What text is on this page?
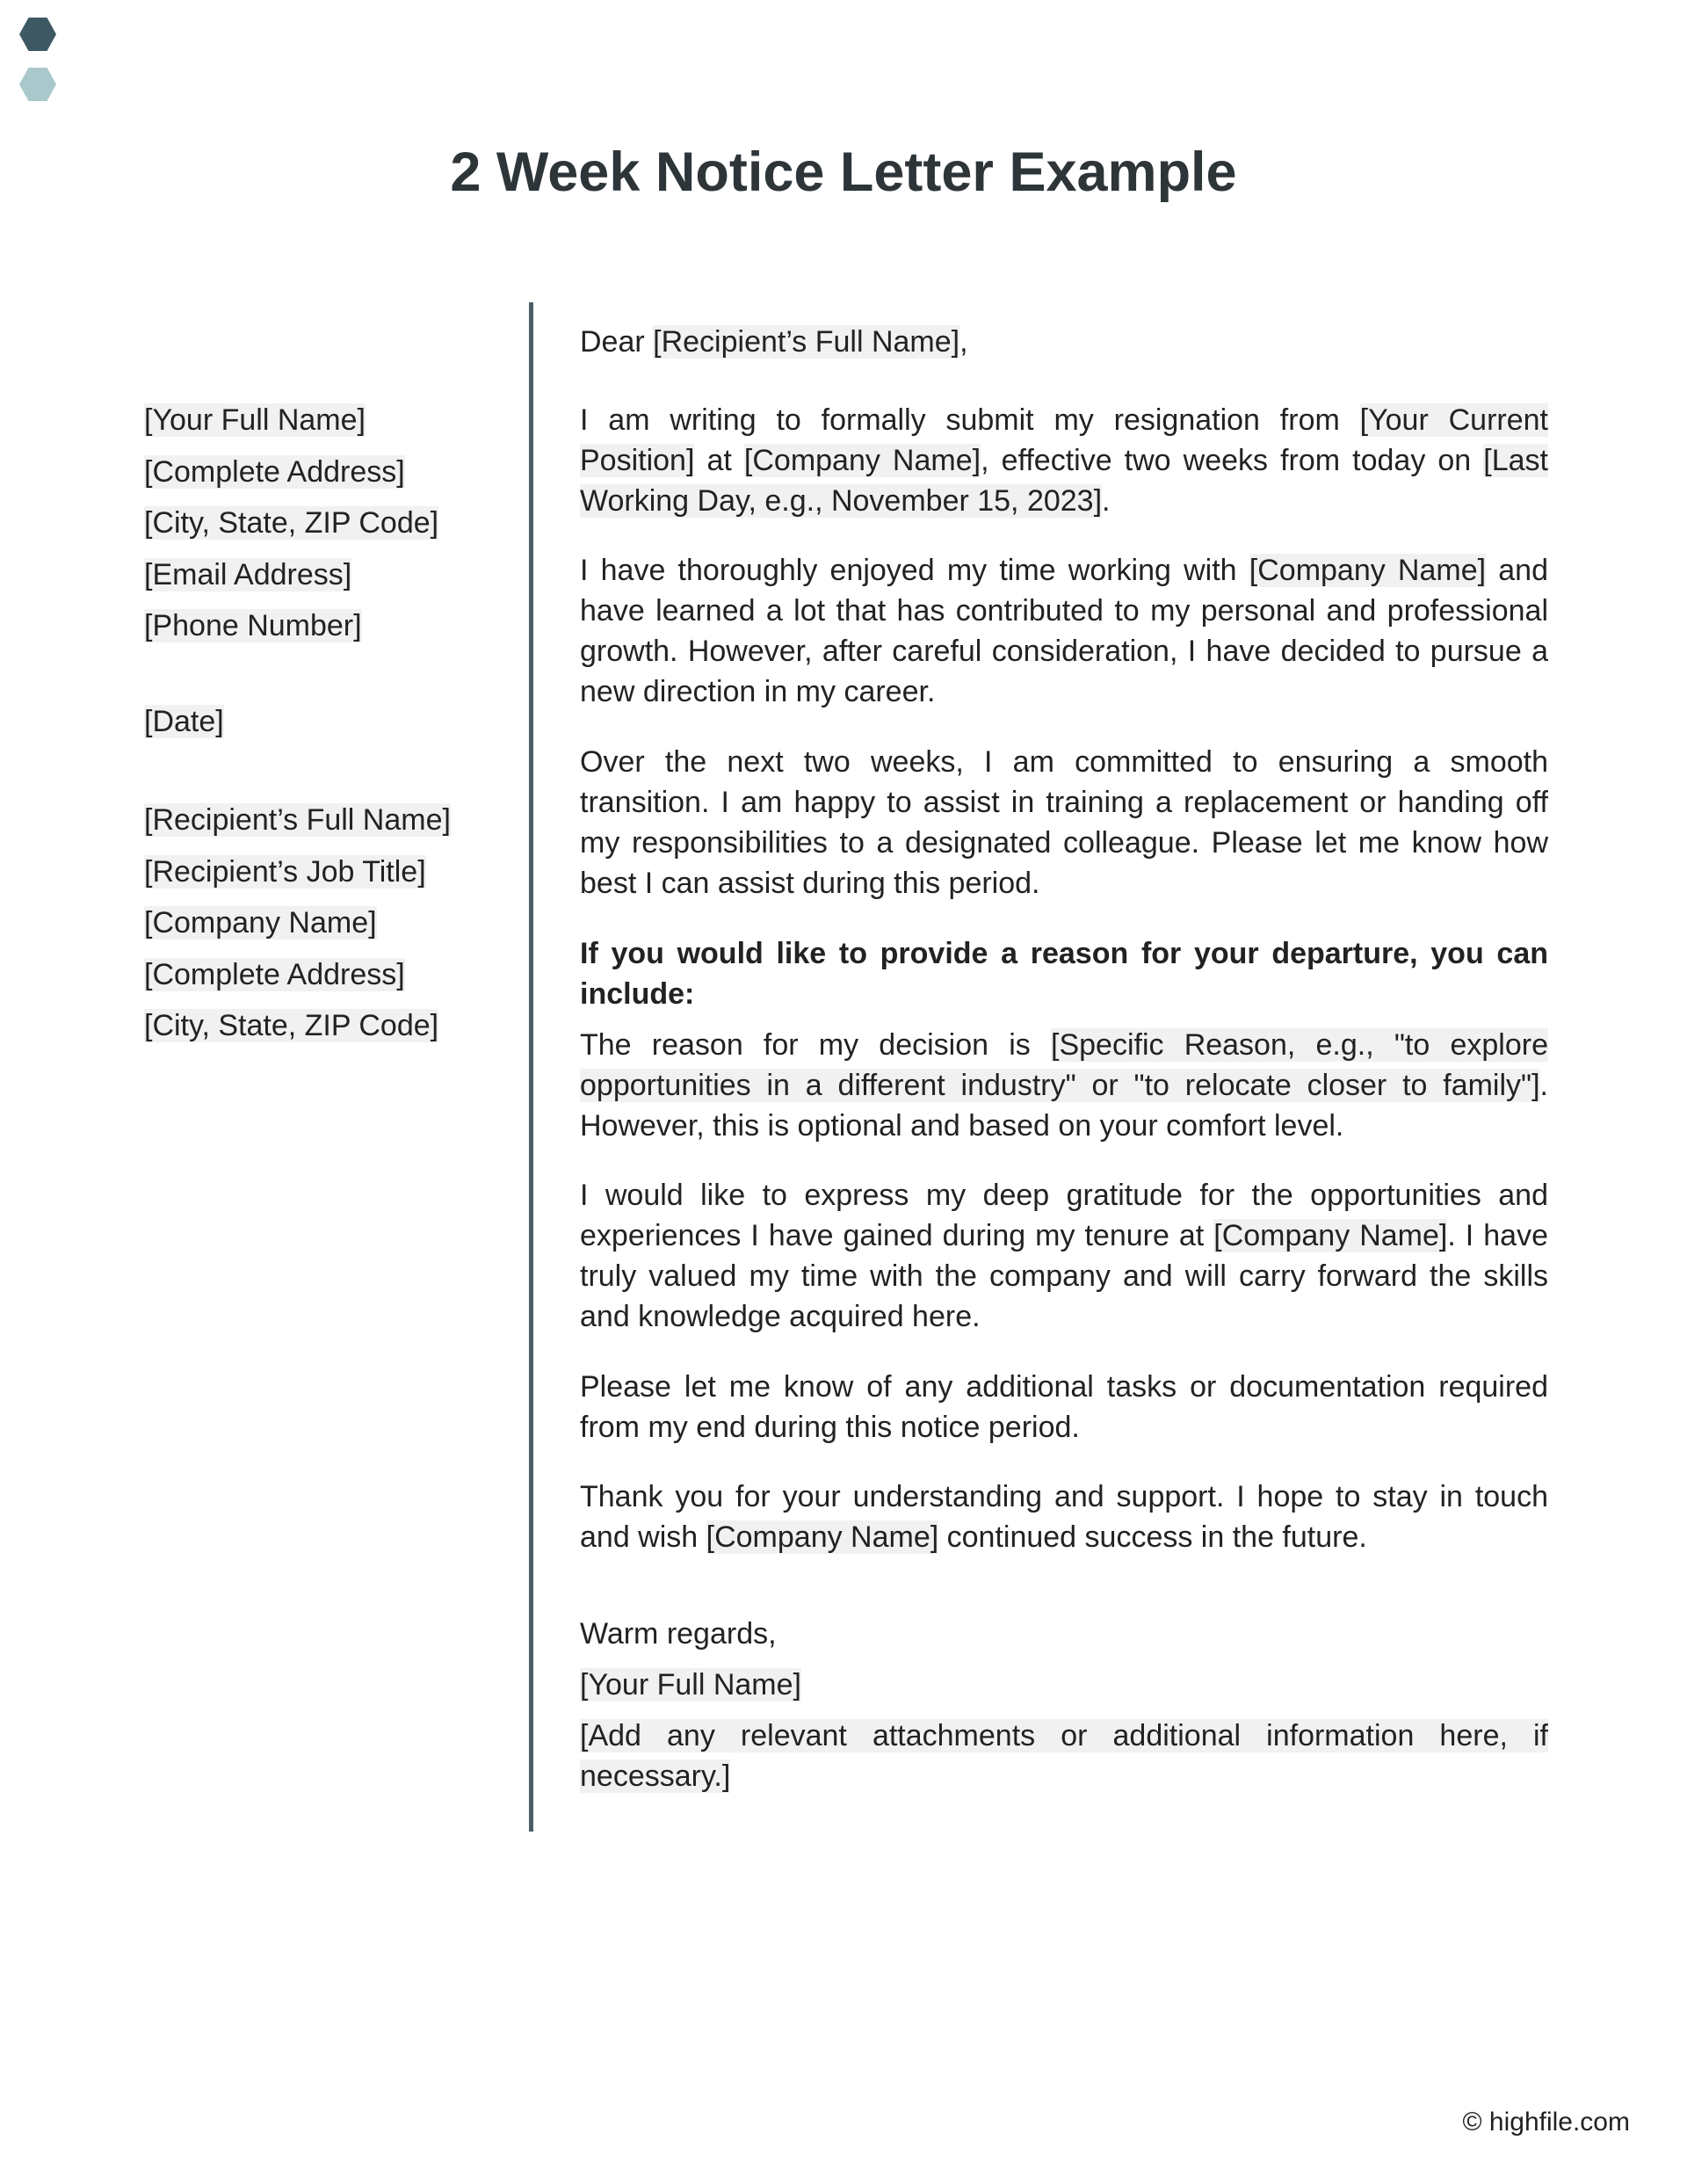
2 Week Notice Letter Example
[Your Full Name]
[Complete Address]
[City, State, ZIP Code]
[Email Address]
[Phone Number]
[Date]
[Recipient’s Full Name]
[Recipient’s Job Title]
[Company Name]
[Complete Address]
[City, State, ZIP Code]

Dear [Recipient’s Full Name],

I am writing to formally submit my resignation from [Your Current Position] at [Company Name], effective two weeks from today on [Last Working Day, e.g., November 15, 2023].

I have thoroughly enjoyed my time working with [Company Name] and have learned a lot that has contributed to my personal and professional growth. However, after careful consideration, I have decided to pursue a new direction in my career.

Over the next two weeks, I am committed to ensuring a smooth transition. I am happy to assist in training a replacement or handing off my responsibilities to a designated colleague. Please let me know how best I can assist during this period.

If you would like to provide a reason for your departure, you can include:

The reason for my decision is [Specific Reason, e.g., "to explore opportunities in a different industry" or "to relocate closer to family"]. However, this is optional and based on your comfort level.

I would like to express my deep gratitude for the opportunities and experiences I have gained during my tenure at [Company Name]. I have truly valued my time with the company and will carry forward the skills and knowledge acquired here.

Please let me know of any additional tasks or documentation required from my end during this notice period.

Thank you for your understanding and support. I hope to stay in touch and wish [Company Name] continued success in the future.

Warm regards,

[Your Full Name]

[Add any relevant attachments or additional information here, if necessary.]

© highfile.com
